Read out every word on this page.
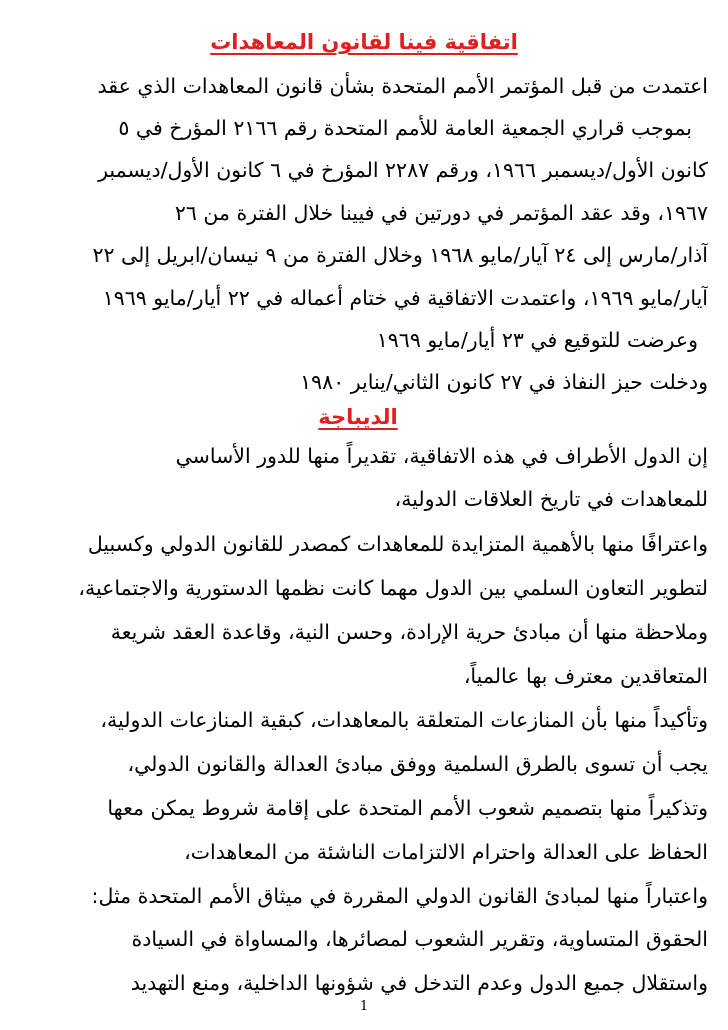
اتفاقية فينا لقانون المعاهدات
اعتمدت من قبل المؤتمر الأمم المتحدة بشأن قانون المعاهدات الذي عقد
بموجب قراري الجمعية العامة للأمم المتحدة رقم ٢١٦٦ المؤرخ في ٥
كانون الأول/ديسمبر ١٩٦٦، ورقم ٢٢٨٧ المؤرخ في ٦ كانون الأول/ديسمبر
١٩٦٧، وقد عقد المؤتمر في دورتين في فيينا خلال الفترة من ٢٦
آذار/مارس إلى ٢٤ آيار/مايو ١٩٦٨ وخلال الفترة من ٩ نيسان/ابريل إلى ٢٢
آيار/مايو ١٩٦٩، واعتمدت الاتفاقية في ختام أعماله في ٢٢ أيار/مايو ١٩٦٩
وعرضت للتوقيع في ٢٣ أيار/مايو ١٩٦٩
ودخلت حيز النفاذ في ٢٧ كانون الثاني/يناير ١٩٨٠
الديباجة
إن الدول الأطراف في هذه الاتفاقية، تقديراً منها للدور الأساسي
للمعاهدات في تاريخ العلاقات الدولية،
واعترافًا منها بالأهمية المتزايدة للمعاهدات كمصدر للقانون الدولي وكسبيل
لتطوير التعاون السلمي بين الدول مهما كانت نظمها الدستورية والاجتماعية،
وملاحظة منها أن مبادئ حرية الإرادة، وحسن النية، وقاعدة العقد شريعة
المتعاقدين معترف بها عالمياً،
وتأكيداً منها بأن المنازعات المتعلقة بالمعاهدات، كبقية المنازعات الدولية،
يجب أن تسوى بالطرق السلمية ووفق مبادئ العدالة والقانون الدولي،
وتذكيراً منها بتصميم شعوب الأمم المتحدة على إقامة شروط يمكن معها
الحفاظ على العدالة واحترام الالتزامات الناشئة من المعاهدات،
واعتباراً منها لمبادئ القانون الدولي المقررة في ميثاق الأمم المتحدة مثل:
الحقوق المتساوية، وتقرير الشعوب لمصائرها، والمساواة في السيادة
واستقلال جميع الدول وعدم التدخل في شؤونها الداخلية، ومنع التهديد
1
